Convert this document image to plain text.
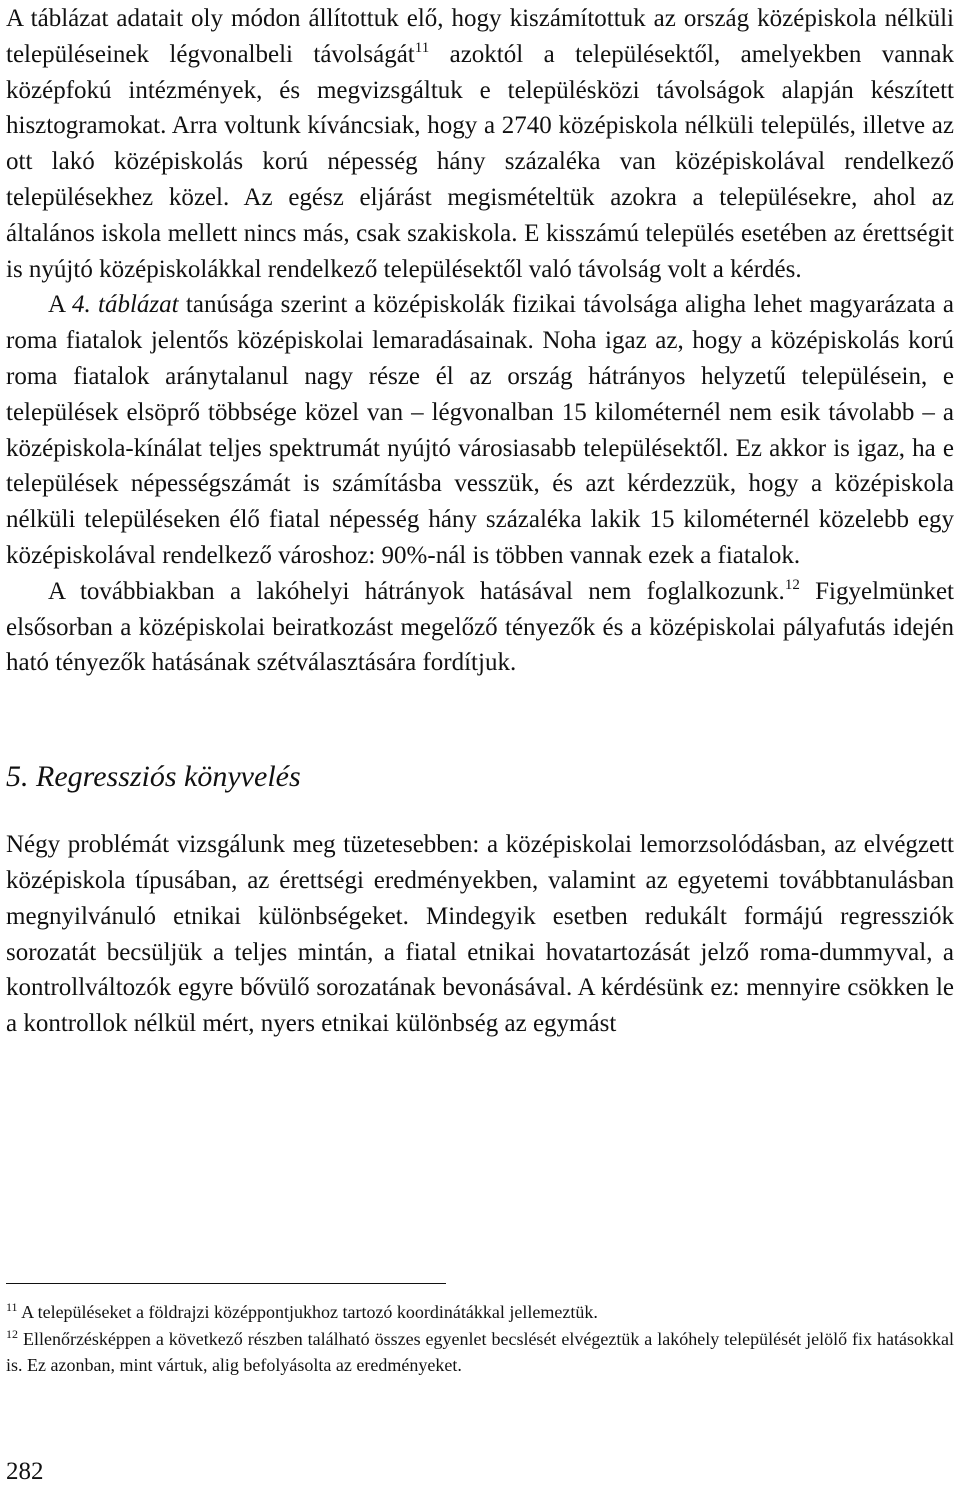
A táblázat adatait oly módon állítottuk elő, hogy kiszámítottuk az ország középiskola nélküli településeinek légvonalbeli távolságát$^{11}$ azoktól a településektől, amelyekben vannak középfokú intézmények, és megvizsgáltuk e településközi távolságok alapján készített hisztogramokat. Arra voltunk kíváncsiak, hogy a 2740 középiskola nélküli település, illetve az ott lakó középiskolás korú népesség hány százaléka van középiskolával rendelkező településekhez közel. Az egész eljárást megismételtük azokra a településekre, ahol az általános iskola mellett nincs más, csak szakiskola. E kisszámú település esetében az érettségit is nyújtó középiskolákkal rendelkező településektől való távolság volt a kérdés.

A 4. táblázat tanúsága szerint a középiskolák fizikai távolsága aligha lehet magyarázata a roma fiatalok jelentős középiskolai lemaradásainak. Noha igaz az, hogy a középiskolás korú roma fiatalok aránytalanul nagy része él az ország hátrányos helyzetű településein, e települések elsöprő többsége közel van – légvonalban 15 kilométernél nem esik távolabb – a középiskola-kínálat teljes spektrumát nyújtó városiasabb településektől. Ez akkor is igaz, ha e települések népességszámát is számításba vesszük, és azt kérdezzük, hogy a középiskola nélküli településeken élő fiatal népesség hány százaléka lakik 15 kilométernél közelebb egy középiskolával rendelkező városhoz: 90%-nál is többen vannak ezek a fiatalok.

A továbbiakban a lakóhelyi hátrányok hatásával nem foglalkozunk.$^{12}$ Figyelmünket elsősorban a középiskolai beiratkozást megelőző tényezők és a középiskolai pályafutás idején ható tényezők hatásának szétválasztására fordítjuk.

5. Regressziós könyvelés

Négy problémát vizsgálunk meg tüzetesebben: a középiskolai lemorzsolódásban, az elvégzett középiskola típusában, az érettségi eredményekben, valamint az egyetemi továbbtanulásban megnyilvánuló etnikai különbségeket. Mindegyik esetben redukált formájú regressziók sorozatát becsüljük a teljes mintán, a fiatal etnikai hovatartozását jelző roma-dummyval, a kontrollváltozók egyre bővülő sorozatának bevonásával. A kérdésünk ez: mennyire csökken le a kontrollok nélkül mért, nyers etnikai különbség az egymást

$^{11}$ A településeket a földrajzi középpontjukhoz tartozó koordinátákkal jellemeztük.

$^{12}$ Ellenőrzésképpen a következő részben található összes egyenlet becslését elvégeztük a lakóhely települését jelölő fix hatásokkal is. Ez azonban, mint vártuk, alig befolyásolta az eredményeket.

282
